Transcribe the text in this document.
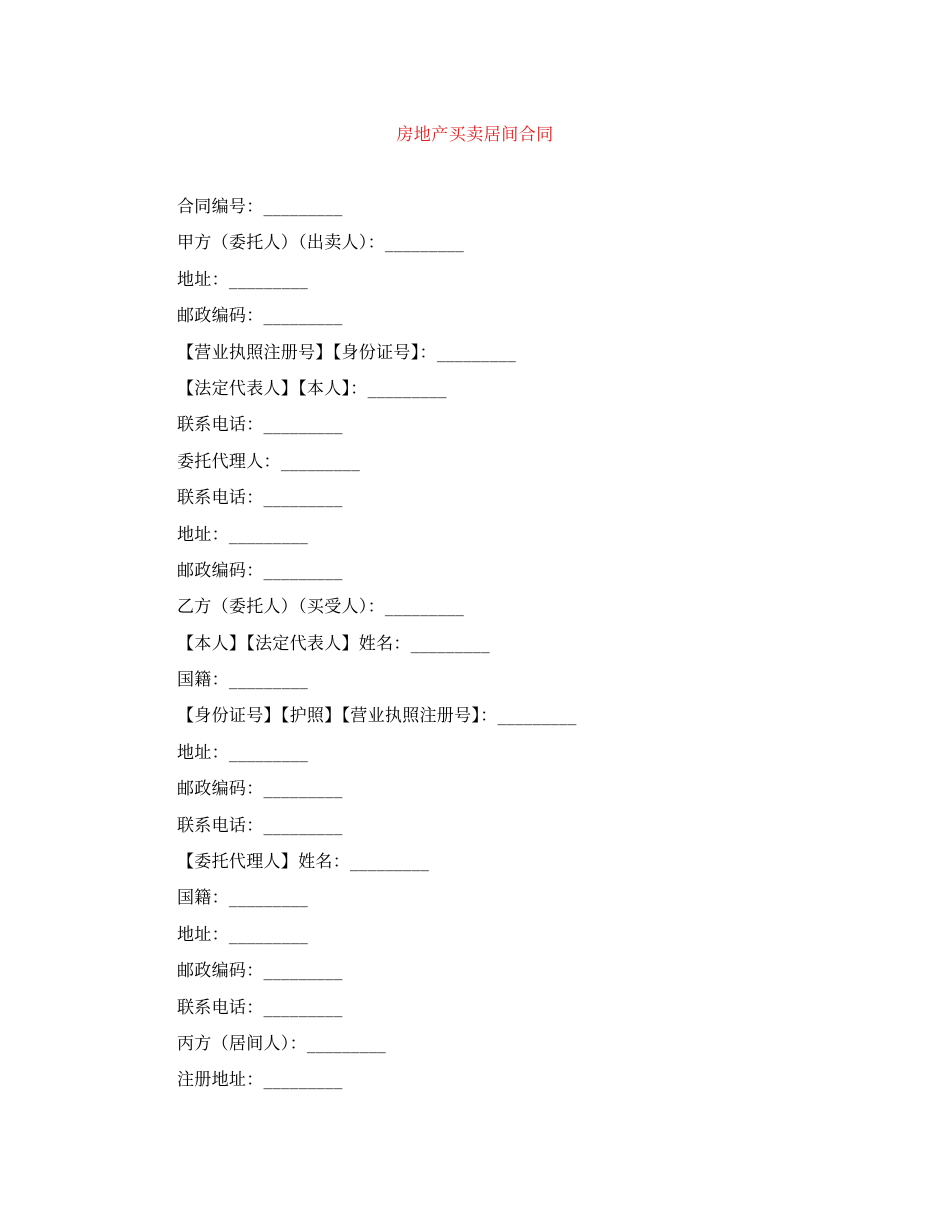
房地产买卖居间合同
合同编号：_________
甲方（委托人）（出卖人）：_________
地址：_________
邮政编码：_________
【营业执照注册号】【身份证号】：_________
【法定代表人】【本人】：_________
联系电话：_________
委托代理人：_________
联系电话：_________
地址：_________
邮政编码：_________
乙方（委托人）（买受人）：_________
【本人】【法定代表人】姓名：_________
国籍：_________
【身份证号】【护照】【营业执照注册号】：_________
地址：_________
邮政编码：_________
联系电话：_________
【委托代理人】姓名：_________
国籍：_________
地址：_________
邮政编码：_________
联系电话：_________
丙方（居间人）：_________
注册地址：_________
